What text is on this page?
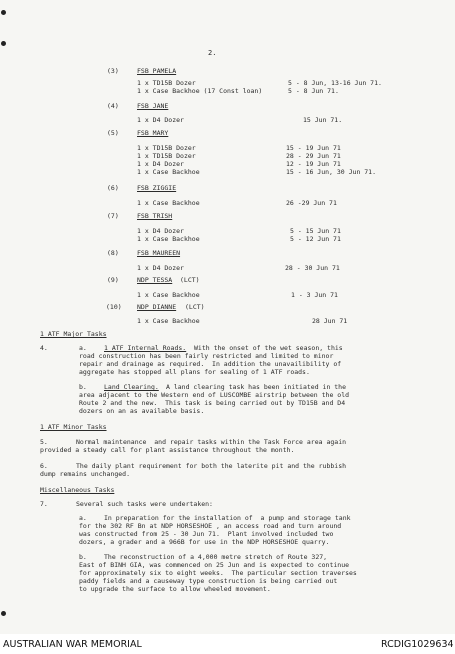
2.
(3)	FSB PAMELA
1 x TD15B Dozer	5 - 8 Jun, 13-16 Jun 71.
1 x Case Backhoe (17 Const loan)	5 - 8 Jun 71.
(4)	FSB JANE
1 x D4 Dozer	15 Jun 71.
(5)	FSB MARY
1 x TD15B Dozer	15 - 19 Jun 71
1 x TD15B Dozer	28 - 29 Jun 71
1 x D4 Dozer	12 - 19 Jun 71
1 x Case Backhoe	15 - 16 Jun, 30 Jun 71.
(6)	FSB ZIGGIE
1 x Case Backhoe	26 -29 Jun 71
(7)	FSB TRISH
1 x D4 Dozer	5 - 15 Jun 71
1 x Case Backhoe	5 - 12 Jun 71
(8)	FSB MAUREEN
1 x D4 Dozer	28 - 30 Jun 71
(9)	NDP TESSA (LCT)
1 x Case Backhoe	1 - 3 Jun 71
(10) NDP DIANNE (LCT)
1 x Case Backhoe	28 Jun 71
1 ATF Major Tasks
4.	a.	1 ATF Internal Roads. With the onset of the wet season, this
road construction has been fairly restricted and limited to minor
repair and drainage as required.  In addition the unavailibility of
aggregate has stopped all plans for sealing of 1 ATF roads.
b.	Land Clearing. A land clearing task has been initiated in the
area adjacent to the Western end of LUSCOMBE airstrip between the old
Route 2 and the new.  This task is being carried out by TD15B and D4
dozers on an as available basis.
1 ATF Minor Tasks
5.	Normal maintenance  and repair tasks within the Task Force area again
provided a steady call for plant assistance throughout the month.
6.	The daily plant requirement for both the laterite pit and the rubbish
dump remains unchanged.
Miscellaneous Tasks
7.	Several such tasks were undertaken:
a.	In preparation for the installation of  a pump and storage tank
for the 302 RF Bn at NDP HORSESHOE , an access road and turn around
was constructed from 25 - 30 Jun 71.  Plant involved included two
dozers, a grader and a 966B for use in the NDP HORSESHOE quarry.
b.	The reconstruction of a 4,000 metre stretch of Route 327,
East of BINH GIA, was commenced on 25 Jun and is expected to continue
for approximately six to eight weeks.  The particular section traverses
paddy fields and a causeway type construction is being carried out
to upgrade the surface to allow wheeled movement.
AUSTRALIAN WAR MEMORIAL	RCDIG1029634
